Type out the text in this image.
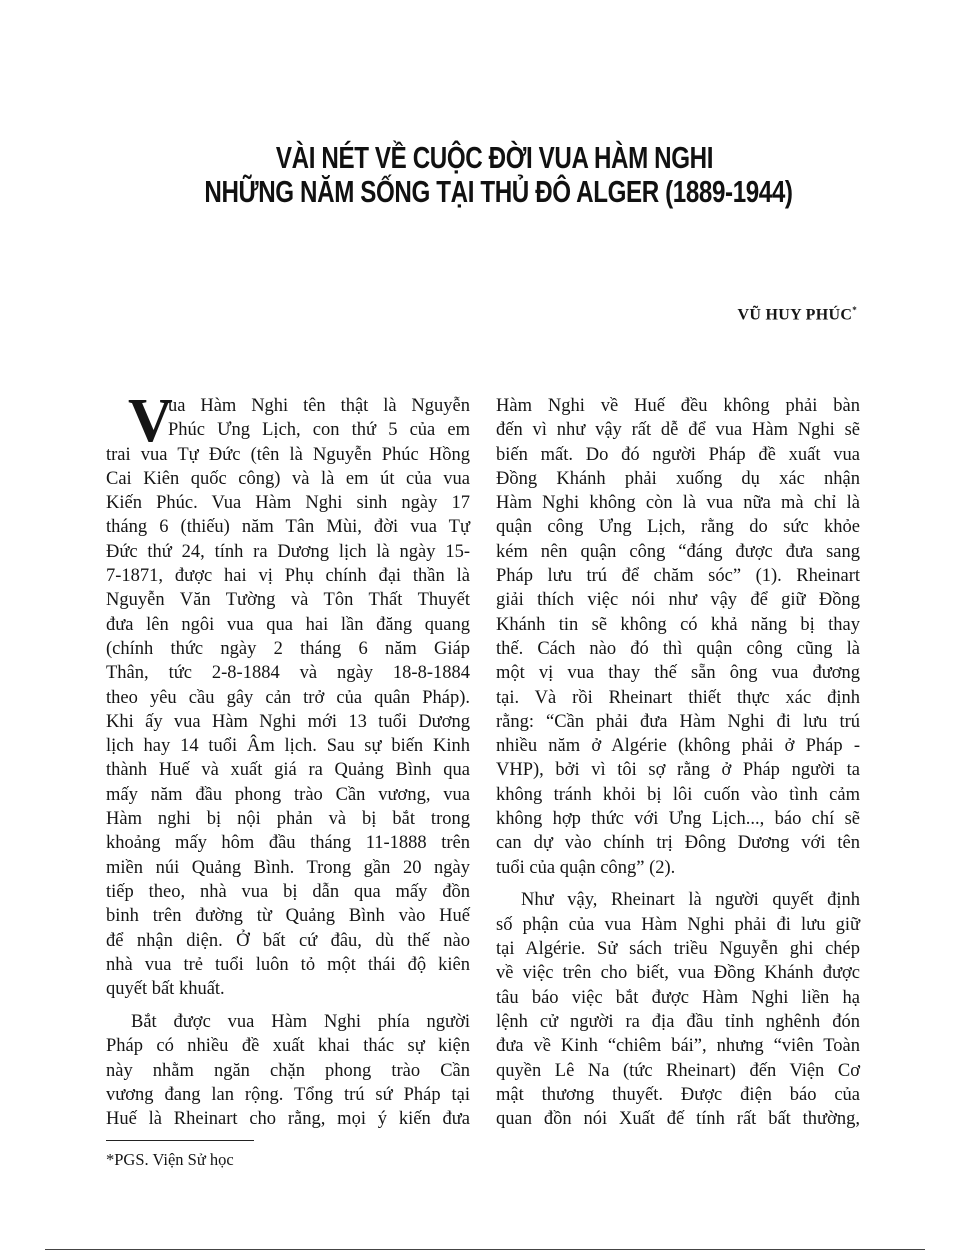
VÀI NÉT VỀ CUỘC ĐỜI VUA HÀM NGHI
NHỮNG NĂM SỐNG TẠI THỦ ĐÔ ALGER (1889-1944)
VŨ HUY PHÚC*
V
ua Hàm Nghi tên thật là Nguyễn
Phúc Ưng Lịch, con thứ 5 của em
trai vua Tự Đức (tên là Nguyễn Phúc Hồng
Cai Kiên quốc công) và là em út của vua
Kiến Phúc. Vua Hàm Nghi sinh ngày 17
tháng 6 (thiếu) năm Tân Mùi, đời vua Tự
Đức thứ 24, tính ra Dương lịch là ngày 15-
7-1871, được hai vị Phụ chính đại thần là
Nguyễn Văn Tường và Tôn Thất Thuyết
đưa lên ngôi vua qua hai lần đăng quang
(chính thức ngày 2 tháng 6 năm Giáp
Thân, tức 2-8-1884 và ngày 18-8-1884
theo yêu cầu gây cản trở của quân Pháp).
Khi ấy vua Hàm Nghi mới 13 tuổi Dương
lịch hay 14 tuổi Âm lịch. Sau sự biến Kinh
thành Huế và xuất giá ra Quảng Bình qua
mấy năm đầu phong trào Cần vương, vua
Hàm nghi bị nội phản và bị bắt trong
khoảng mấy hôm đầu tháng 11-1888 trên
miền núi Quảng Bình. Trong gần 20 ngày
tiếp theo, nhà vua bị dẫn qua mấy đồn
binh trên đường từ Quảng Bình vào Huế
để nhận diện. Ở bất cứ đâu, dù thế nào
nhà vua trẻ tuổi luôn tỏ một thái độ kiên
quyết bất khuất.
Bắt được vua Hàm Nghi phía người
Pháp có nhiều đề xuất khai thác sự kiện
này nhằm ngăn chặn phong trào Cần
vương đang lan rộng. Tổng trú sứ Pháp tại
Huế là Rheinart cho rằng, mọi ý kiến đưa
Hàm Nghi về Huế đều không phải bàn
đến vì như vậy rất dễ để vua Hàm Nghi sẽ
biến mất. Do đó người Pháp đề xuất vua
Đồng Khánh phải xuống dụ xác nhận
Hàm Nghi không còn là vua nữa mà chỉ là
quận công Ưng Lịch, rằng do sức khỏe
kém nên quận công “đáng được đưa sang
Pháp lưu trú để chăm sóc” (1). Rheinart
giải thích việc nói như vậy để giữ Đồng
Khánh tin sẽ không có khả năng bị thay
thế. Cách nào đó thì quận công cũng là
một vị vua thay thế sẵn ông vua đương
tại. Và rồi Rheinart thiết thực xác định
rằng: “Cần phải đưa Hàm Nghi đi lưu trú
nhiều năm ở Algérie (không phải ở Pháp -
VHP), bởi vì tôi sợ rằng ở Pháp người ta
không tránh khỏi bị lôi cuốn vào tình cảm
không hợp thức với Ưng Lịch..., báo chí sẽ
can dự vào chính trị Đông Dương với tên
tuổi của quận công” (2).
Như vậy, Rheinart là người quyết định
số phận của vua Hàm Nghi phải đi lưu giữ
tại Algérie. Sử sách triều Nguyễn ghi chép
về việc trên cho biết, vua Đồng Khánh được
tâu báo việc bắt được Hàm Nghi liền hạ
lệnh cử người ra địa đầu tỉnh nghênh đón
đưa về Kinh “chiêm bái”, nhưng “viên Toàn
quyền Lê Na (tức Rheinart) đến Viện Cơ
mật thương thuyết. Được điện báo của
quan đồn nói Xuất đế tính rất bất thường,
*PGS. Viện Sử học
